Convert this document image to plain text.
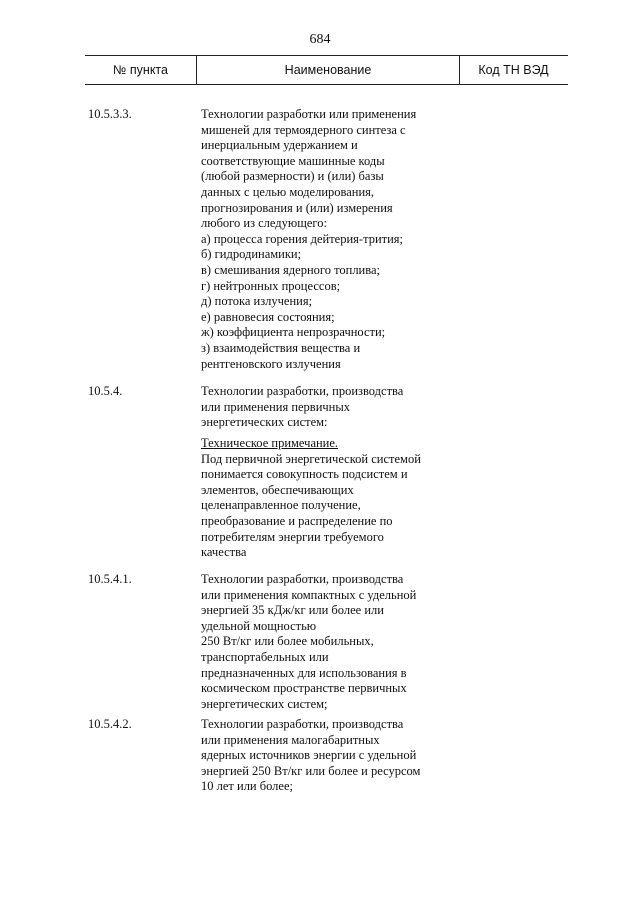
684
№ пункта	Наименование	Код ТН ВЭД
10.5.3.3.	Технологии разработки или применения
мишеней для термоядерного синтеза с
инерциальным удержанием и
соответствующие машинные коды
(любой размерности) и (или) базы
данных с целью моделирования,
прогнозирования и (или) измерения
любого из следующего:
а) процесса горения дейтерия-трития;
б) гидродинамики;
в) смешивания ядерного топлива;
г) нейтронных процессов;
д) потока излучения;
е) равновесия состояния;
ж) коэффициента непрозрачности;
з) взаимодействия вещества и
рентгеновского излучения
10.5.4.	Технологии разработки, производства
или применения первичных
энергетических систем:
Техническое примечание.
Под первичной энергетической системой
понимается совокупность подсистем и
элементов, обеспечивающих
целенаправленное получение,
преобразование и распределение по
потребителям энергии требуемого
качества
10.5.4.1.	Технологии разработки, производства
или применения компактных с удельной
энергией 35 кДж/кг или более или
удельной мощностью
250 Вт/кг или более мобильных,
транспортабельных или
предназначенных для использования в
космическом пространстве первичных
энергетических систем;
10.5.4.2.	Технологии разработки, производства
или применения малогабаритных
ядерных источников энергии с удельной
энергией 250 Вт/кг или более и ресурсом
10 лет или более;
